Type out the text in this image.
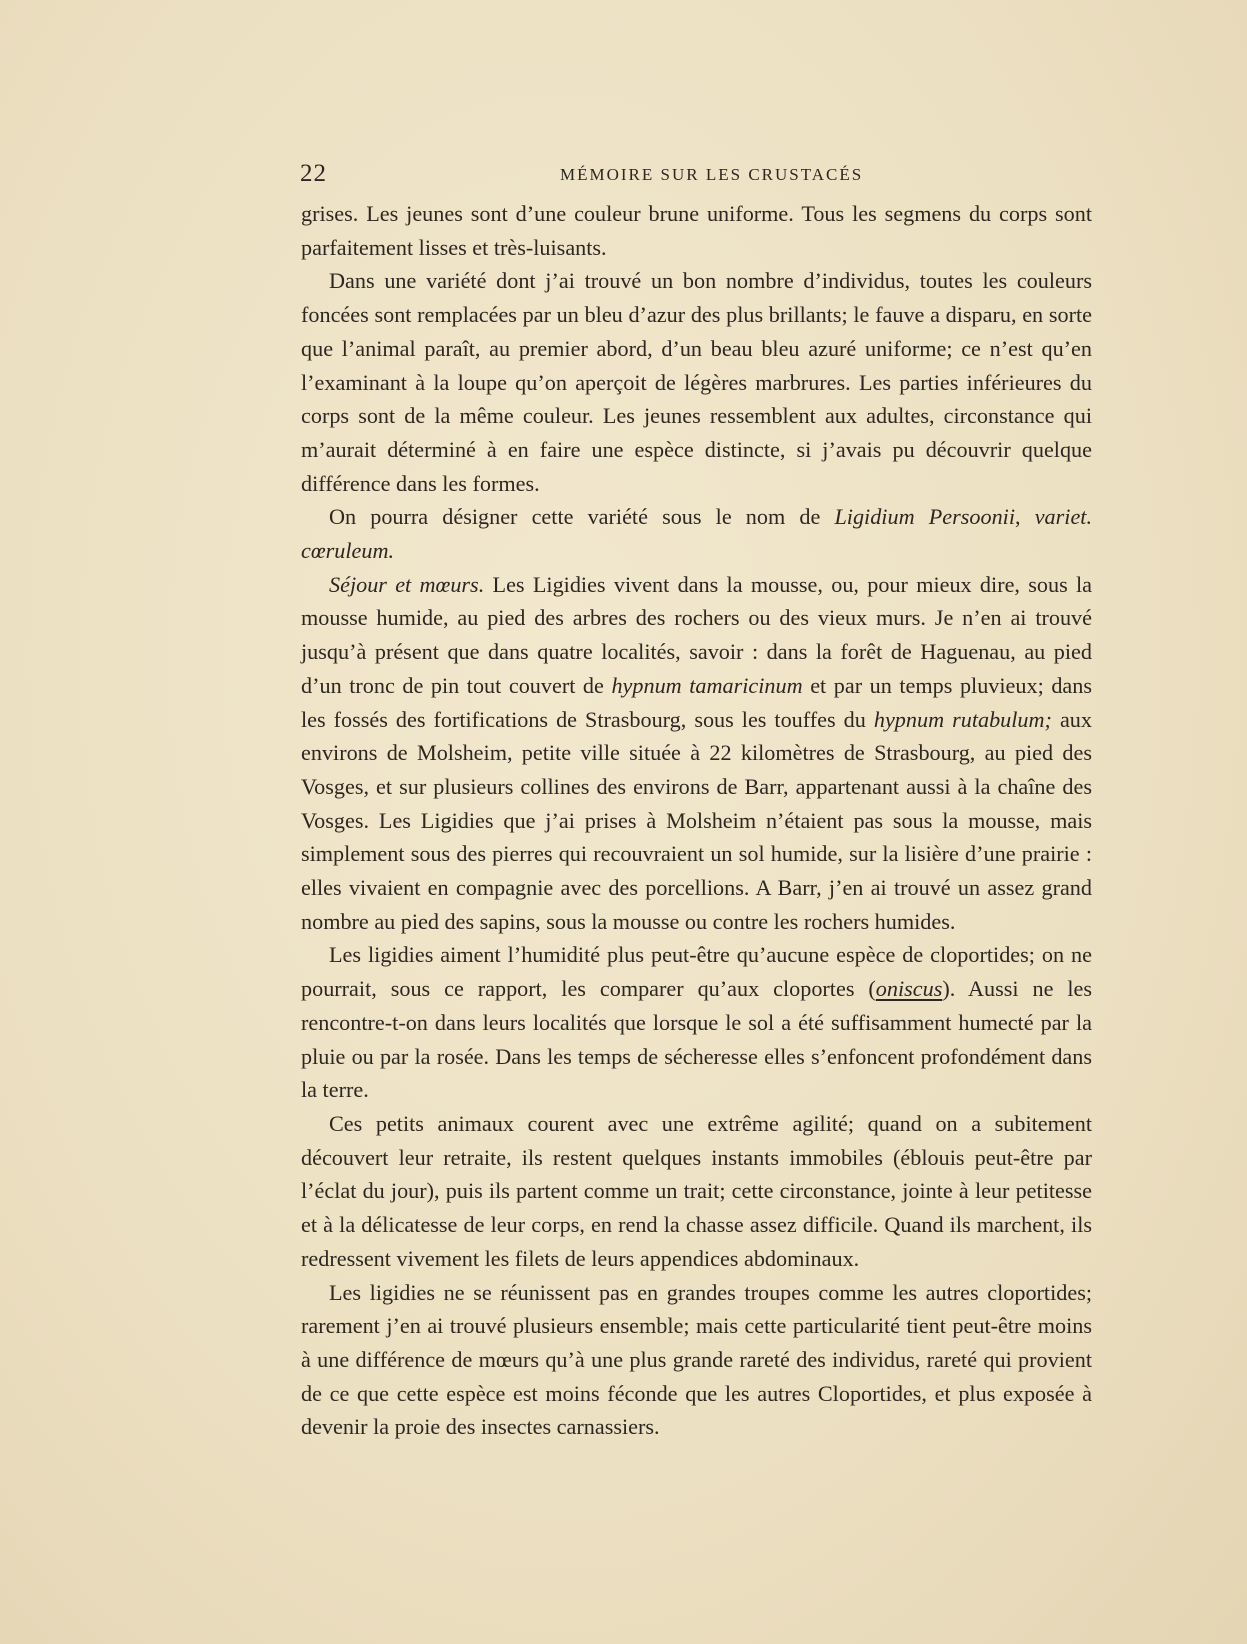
22	MÉMOIRE SUR LES CRUSTACÉS

grises. Les jeunes sont d’une couleur brune uniforme. Tous les segmens du corps sont parfaitement lisses et très-luisants.

Dans une variété dont j’ai trouvé un bon nombre d’individus, toutes les couleurs foncées sont remplacées par un bleu d’azur des plus brillants; le fauve a disparu, en sorte que l’animal paraît, au premier abord, d’un beau bleu azuré uniforme; ce n’est qu’en l’examinant à la loupe qu’on aperçoit de légères marbrures. Les parties inférieures du corps sont de la même couleur. Les jeunes ressemblent aux adultes, circonstance qui m’aurait déterminé à en faire une espèce distincte, si j’avais pu découvrir quelque différence dans les formes.

On pourra désigner cette variété sous le nom de Ligidium Persoonii, variet. cœruleum.

Séjour et mœurs. Les Ligidies vivent dans la mousse, ou, pour mieux dire, sous la mousse humide, au pied des arbres des rochers ou des vieux murs. Je n’en ai trouvé jusqu’à présent que dans quatre localités, savoir : dans la forêt de Haguenau, au pied d’un tronc de pin tout couvert de hypnum tamaricinum et par un temps pluvieux; dans les fossés des fortifications de Strasbourg, sous les touffes du hypnum rutabulum; aux environs de Molsheim, petite ville située à 22 kilomètres de Strasbourg, au pied des Vosges, et sur plusieurs collines des environs de Barr, appartenant aussi à la chaîne des Vosges. Les Ligidies que j’ai prises à Molsheim n’étaient pas sous la mousse, mais simplement sous des pierres qui recouvraient un sol humide, sur la lisière d’une prairie : elles vivaient en compagnie avec des porcellions. A Barr, j’en ai trouvé un assez grand nombre au pied des sapins, sous la mousse ou contre les rochers humides.

Les ligidies aiment l’humidité plus peut-être qu’aucune espèce de cloportides; on ne pourrait, sous ce rapport, les comparer qu’aux cloportes (oniscus). Aussi ne les rencontre-t-on dans leurs localités que lorsque le sol a été suffisamment humecté par la pluie ou par la rosée. Dans les temps de sécheresse elles s’enfoncent profondément dans la terre.

Ces petits animaux courent avec une extrême agilité; quand on a subitement découvert leur retraite, ils restent quelques instants immobiles (éblouis peut-être par l’éclat du jour), puis ils partent comme un trait; cette circonstance, jointe à leur petitesse et à la délicatesse de leur corps, en rend la chasse assez difficile. Quand ils marchent, ils redressent vivement les filets de leurs appendices abdominaux.

Les ligidies ne se réunissent pas en grandes troupes comme les autres cloportides; rarement j’en ai trouvé plusieurs ensemble; mais cette particularité tient peut-être moins à une différence de mœurs qu’à une plus grande rareté des individus, rareté qui provient de ce que cette espèce est moins féconde que les autres Cloportides, et plus exposée à devenir la proie des insectes carnassiers.
